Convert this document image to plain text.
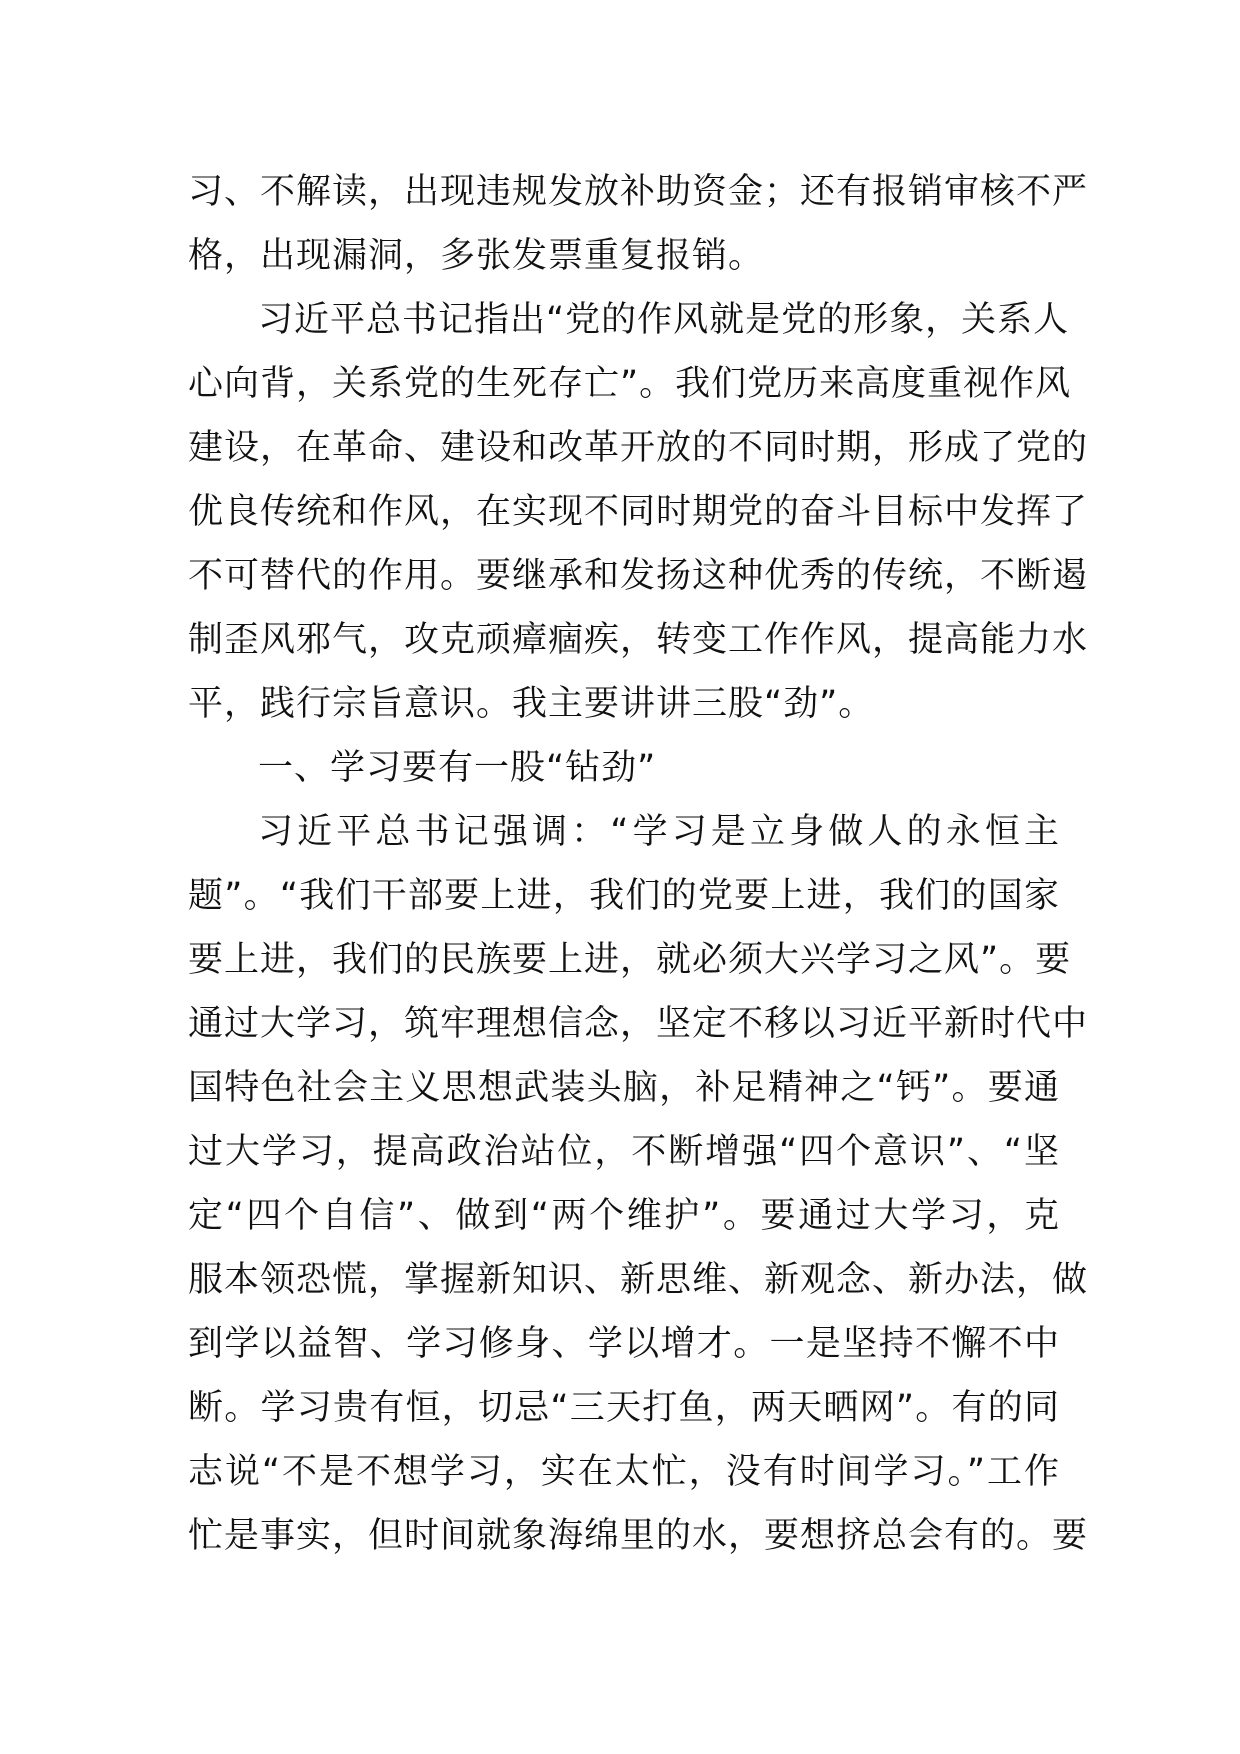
习、不解读，出现违规发放补助资金；还有报销审核不严
格，出现漏洞，多张发票重复报销。
习近平总书记指出“党的作风就是党的形象，关系人
心向背，关系党的生死存亡”。我们党历来高度重视作风
建设，在革命、建设和改革开放的不同时期，形成了党的
优良传统和作风，在实现不同时期党的奋斗目标中发挥了
不可替代的作用。要继承和发扬这种优秀的传统，不断遏
制歪风邪气，攻克顽瘴痼疾，转变工作作风，提高能力水
平，践行宗旨意识。我主要讲讲三股“劲”。
一、学习要有一股“钻劲”
习近平总书记强调：“学习是立身做人的永恒主
题”。“我们干部要上进，我们的党要上进，我们的国家
要上进，我们的民族要上进，就必须大兴学习之风”。要
通过大学习，筑牢理想信念，坚定不移以习近平新时代中
国特色社会主义思想武装头脑，补足精神之“钙”。要通
过大学习，提高政治站位，不断增强“四个意识”、“坚
定“四个自信”、做到“两个维护”。要通过大学习，克
服本领恐慌，掌握新知识、新思维、新观念、新办法，做
到学以益智、学习修身、学以增才。一是坚持不懈不中
断。学习贵有恒，切忌“三天打鱼，两天晒网”。有的同
志说“不是不想学习，实在太忙，没有时间学习。”工作
忙是事实，但时间就象海绵里的水，要想挤总会有的。要
